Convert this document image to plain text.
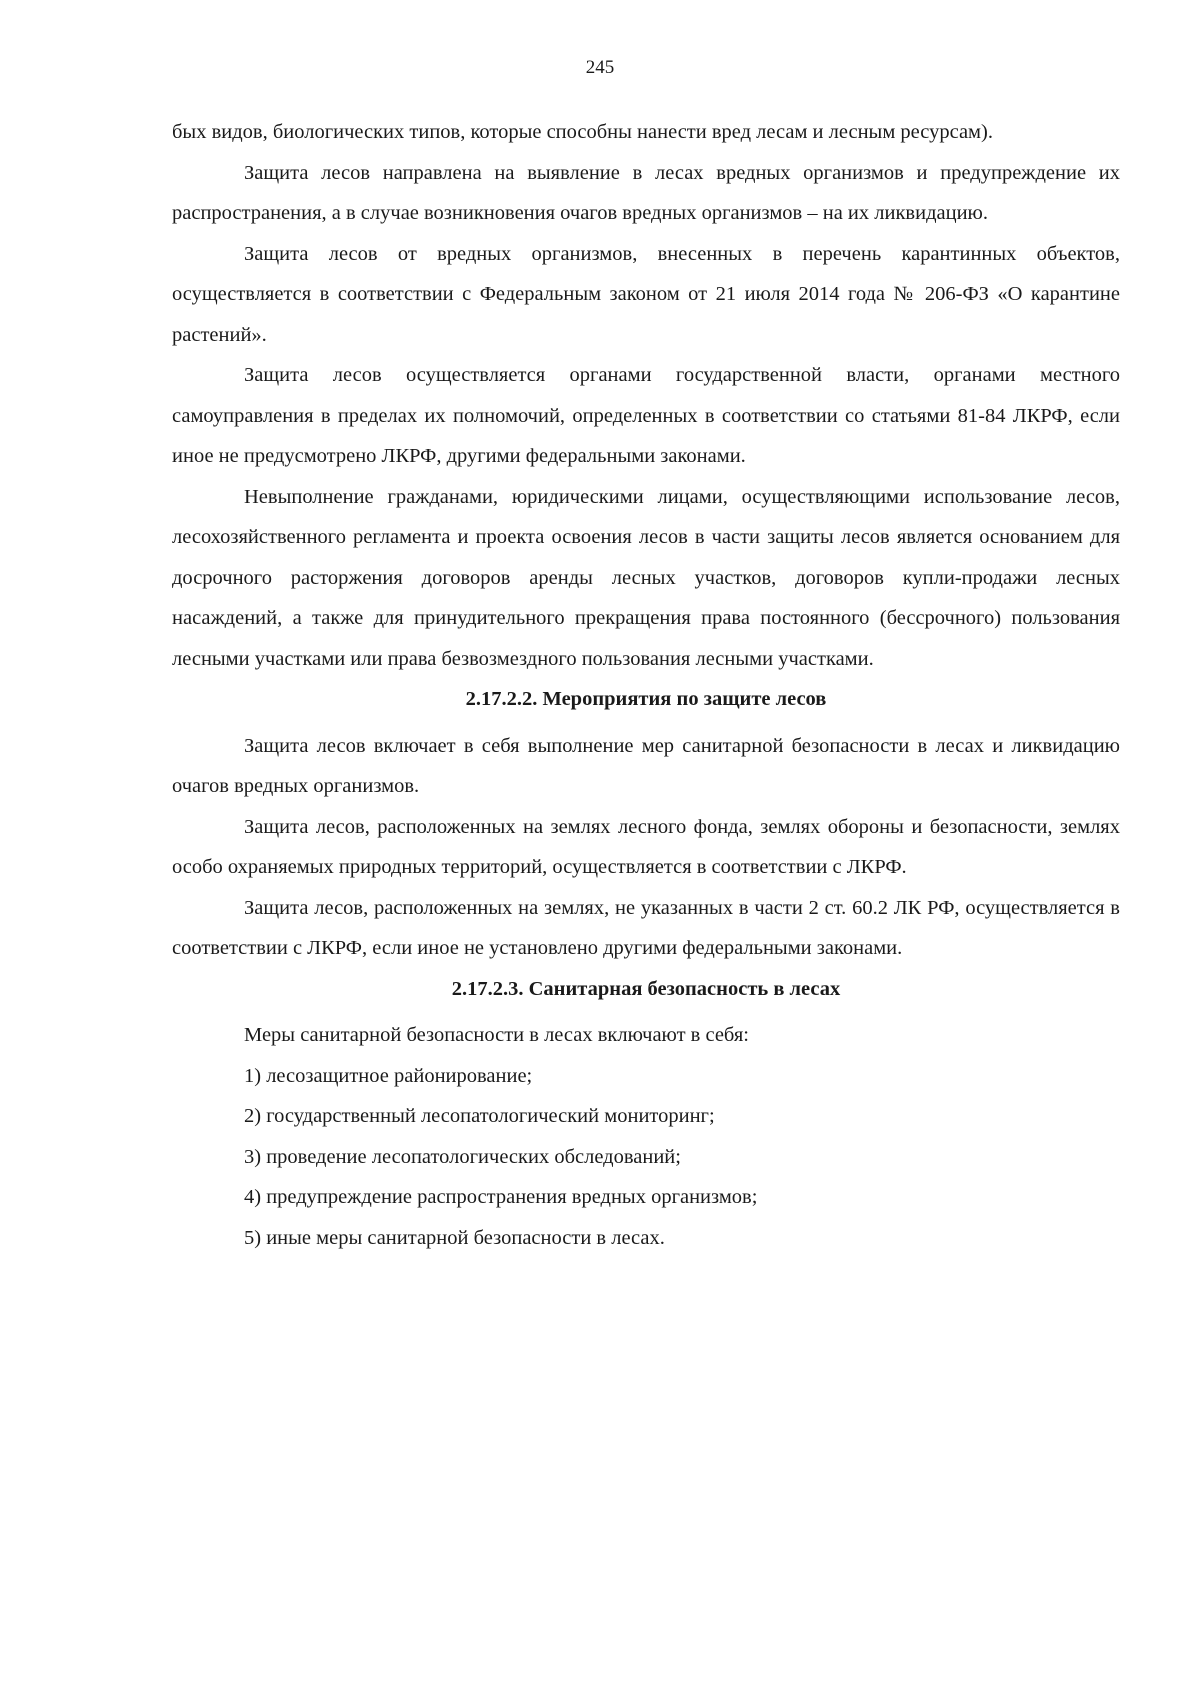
245

бых видов, биологических типов, которые способны нанести вред лесам и лесным ресурсам).

Защита лесов направлена на выявление в лесах вредных организмов и предупреждение их распространения, а в случае возникновения очагов вредных организмов – на их ликвидацию.

Защита лесов от вредных организмов, внесенных в перечень карантинных объектов, осуществляется в соответствии с Федеральным законом от 21 июля 2014 года № 206-ФЗ «О карантине растений».

Защита лесов осуществляется органами государственной власти, органами местного самоуправления в пределах их полномочий, определенных в соответствии со статьями 81-84 ЛКРФ, если иное не предусмотрено ЛКРФ, другими федеральными законами.

Невыполнение гражданами, юридическими лицами, осуществляющими использование лесов, лесохозяйственного регламента и проекта освоения лесов в части защиты лесов является основанием для досрочного расторжения договоров аренды лесных участков, договоров купли-продажи лесных насаждений, а также для принудительного прекращения права постоянного (бессрочного) пользования лесными участками или права безвозмездного пользования лесными участками.

2.17.2.2. Мероприятия по защите лесов

Защита лесов включает в себя выполнение мер санитарной безопасности в лесах и ликвидацию очагов вредных организмов.

Защита лесов, расположенных на землях лесного фонда, землях обороны и безопасности, землях особо охраняемых природных территорий, осуществляется в соответствии с ЛКРФ.

Защита лесов, расположенных на землях, не указанных в части 2 ст. 60.2 ЛК РФ, осуществляется в соответствии с ЛКРФ, если иное не установлено другими федеральными законами.

2.17.2.3. Санитарная безопасность в лесах

Меры санитарной безопасности в лесах включают в себя:

1) лесозащитное районирование;

2) государственный лесопатологический мониторинг;

3) проведение лесопатологических обследований;

4) предупреждение распространения вредных организмов;

5) иные меры санитарной безопасности в лесах.
